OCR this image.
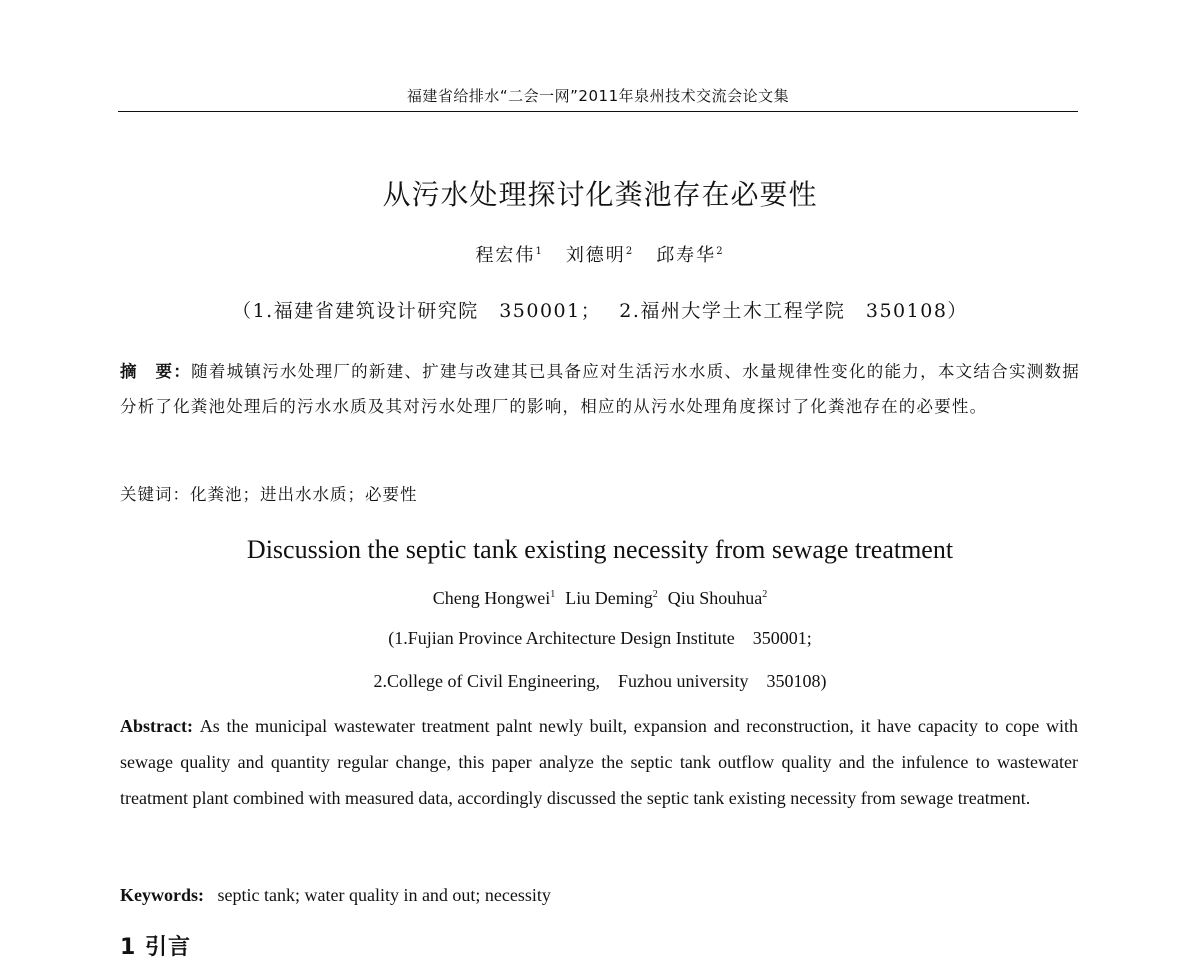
福建省给排水“二会一网”2011年泉州技术交流会论文集
从污水处理探讨化粪池存在必要性
程宏伟$^1$ 刘德明$^2$ 邱寿华$^2$
（1.福建省建筑设计研究院　350001； 2.福州大学土木工程学院　350108）
摘　要：随着城镇污水处理厂的新建、扩建与改建其已具备应对生活污水水质、水量规律性变化的能力，本文结合实测数据分析了化粪池处理后的污水水质及其对污水处理厂的影响，相应的从污水处理角度探讨了化粪池存在的必要性。
关键词：化粪池；进出水水质；必要性
Discussion the septic tank existing necessity from sewage treatment
Cheng Hongwei$^1$ Liu Deming$^2$ Qiu Shouhua$^2$
(1.Fujian Province Architecture Design Institute　350001;
2.College of Civil Engineering,　Fuzhou university　350108)
Abstract: As the municipal wastewater treatment palnt newly built, expansion and reconstruction, it have capacity to cope with sewage quality and quantity regular change, this paper analyze the septic tank outflow quality and the infulence to wastewater treatment plant combined with measured data, accordingly discussed the septic tank existing necessity from sewage treatment.
Keywords: septic tank; water quality in and out; necessity
1 引言
